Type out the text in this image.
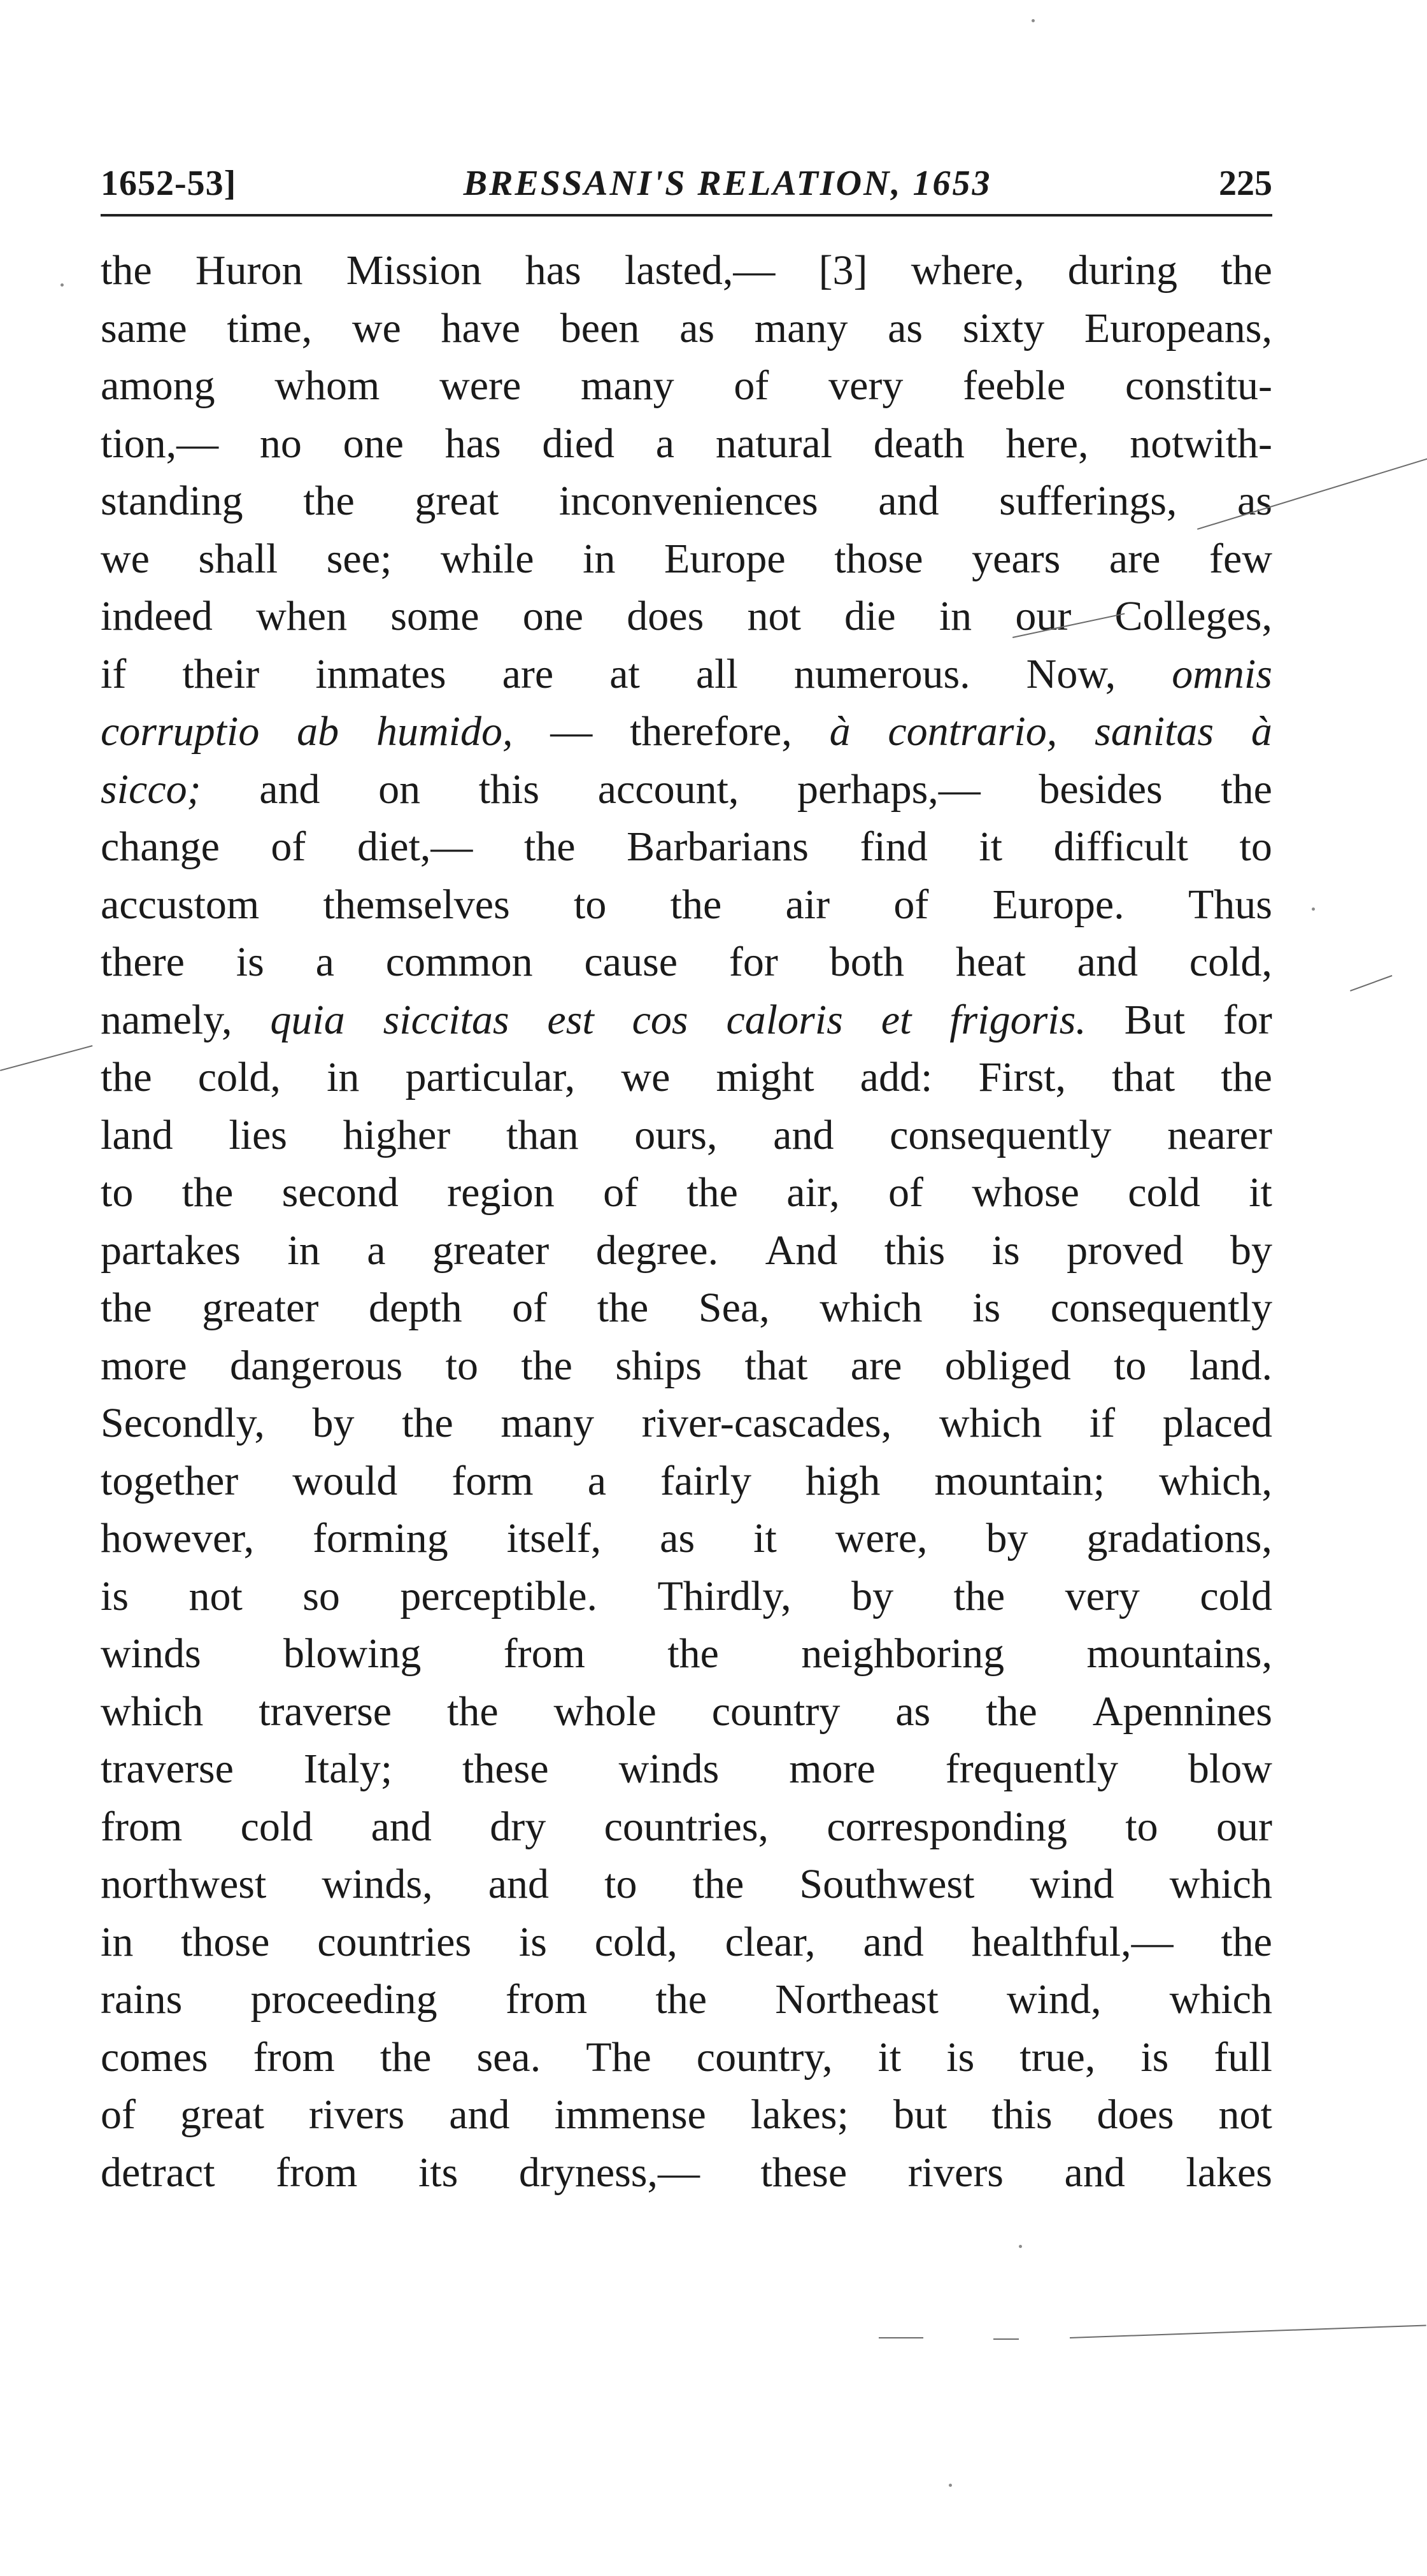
1652-53]	BRESSANI'S RELATION, 1653	225
the Huron Mission has lasted,— [3] where, during the
same time, we have been as many as sixty Europeans,
among whom were many of very feeble constitu-
tion,— no one has died a natural death here, notwith-
standing the great inconveniences and sufferings, as
we shall see; while in Europe those years are few
indeed when some one does not die in our Colleges,
if their inmates are at all numerous. Now, omnis
corruptio ab humido, — therefore, à contrario, sanitas à
sicco; and on this account, perhaps,— besides the
change of diet,— the Barbarians find it difficult to
accustom themselves to the air of Europe. Thus
there is a common cause for both heat and cold,
namely, quia siccitas est cos caloris et frigoris. But for
the cold, in particular, we might add: First, that the
land lies higher than ours, and consequently nearer
to the second region of the air, of whose cold it
partakes in a greater degree. And this is proved by
the greater depth of the Sea, which is consequently
more dangerous to the ships that are obliged to land.
Secondly, by the many river-cascades, which if placed
together would form a fairly high mountain; which,
however, forming itself, as it were, by gradations,
is not so perceptible. Thirdly, by the very cold
winds blowing from the neighboring mountains,
which traverse the whole country as the Apennines
traverse Italy; these winds more frequently blow
from cold and dry countries, corresponding to our
northwest winds, and to the Southwest wind which
in those countries is cold, clear, and healthful,— the
rains proceeding from the Northeast wind, which
comes from the sea. The country, it is true, is full
of great rivers and immense lakes; but this does not
detract from its dryness,— these rivers and lakes
